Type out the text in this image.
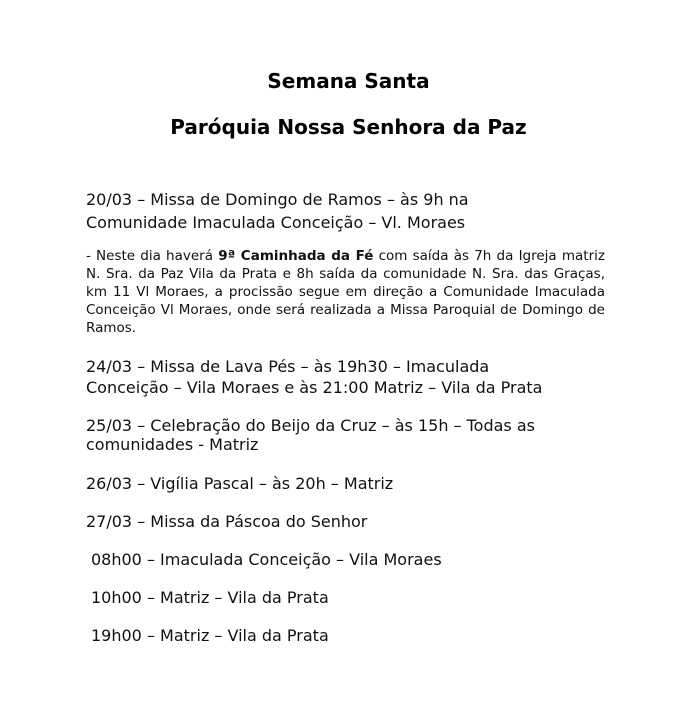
Semana Santa
Paróquia Nossa Senhora da Paz

20/03 – Missa de Domingo de Ramos – às 9h na

Comunidade Imaculada Conceição – Vl. Moraes

- Neste dia haverá 9ª Caminhada da Fé com saída às 7h da Igreja matriz N. Sra. da Paz Vila da Prata e 8h saída da comunidade N. Sra. das Graças, km 11 Vl Moraes, a procissão segue em direção a Comunidade Imaculada Conceição Vl Moraes, onde será realizada a Missa Paroquial de Domingo de Ramos.

24/03 – Missa de Lava Pés – às 19h30 – Imaculada

Conceição – Vila Moraes e às 21:00 Matriz – Vila da Prata

25/03 – Celebração do Beijo da Cruz – às 15h – Todas as

comunidades - Matriz

26/03 – Vigília Pascal – às 20h – Matriz

27/03 – Missa da Páscoa do Senhor

08h00 – Imaculada Conceição – Vila Moraes

10h00 – Matriz – Vila da Prata

19h00 – Matriz – Vila da Prata
